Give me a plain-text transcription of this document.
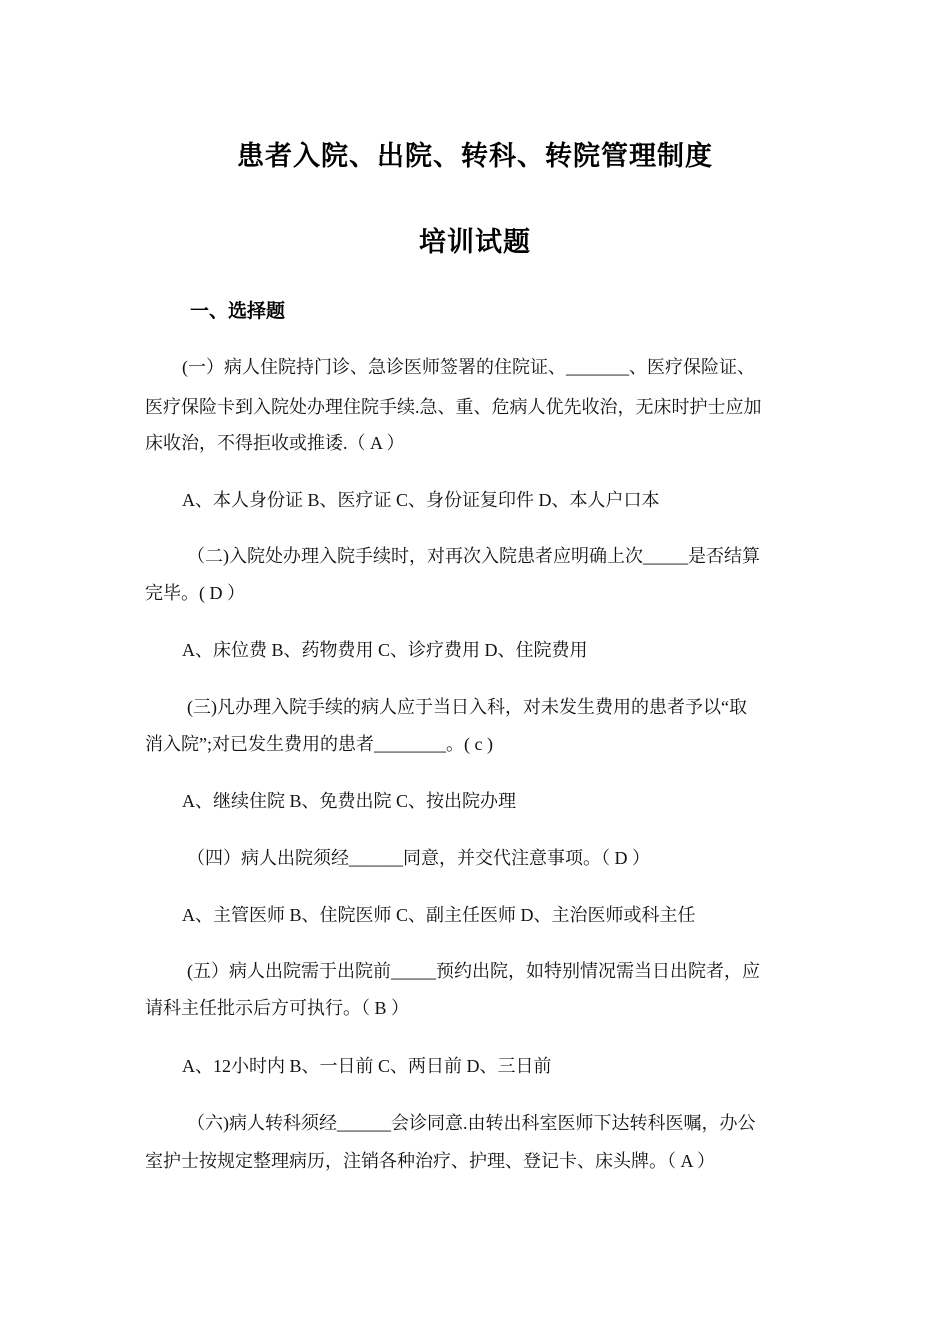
患者入院、出院、转科、转院管理制度
培训试题
一、选择题
(一）病人住院持门诊、急诊医师签署的住院证、_______、医疗保险证、
医疗保险卡到入院处办理住院手续.急、重、危病人优先收治，无床时护士应加
床收治，不得拒收或推诿.（ A ）
A、本人身份证 B、医疗证 C、身份证复印件 D、本人户口本
（二)入院处办理入院手续时，对再次入院患者应明确上次_____是否结算
完毕。( D ）
A、床位费 B、药物费用 C、诊疗费用 D、住院费用
(三)凡办理入院手续的病人应于当日入科，对未发生费用的患者予以“取
消入院”;对已发生费用的患者________。( c )
A、继续住院 B、免费出院 C、按出院办理
（四）病人出院须经______同意，并交代注意事项。（ D ）
A、主管医师 B、住院医师 C、副主任医师 D、主治医师或科主任
(五）病人出院需于出院前_____预约出院，如特别情况需当日出院者，应
请科主任批示后方可执行。（ B ）
A、12小时内 B、一日前 C、两日前 D、三日前
（六)病人转科须经______会诊同意.由转出科室医师下达转科医嘱，办公
室护士按规定整理病历，注销各种治疗、护理、登记卡、床头牌。（ A ）
